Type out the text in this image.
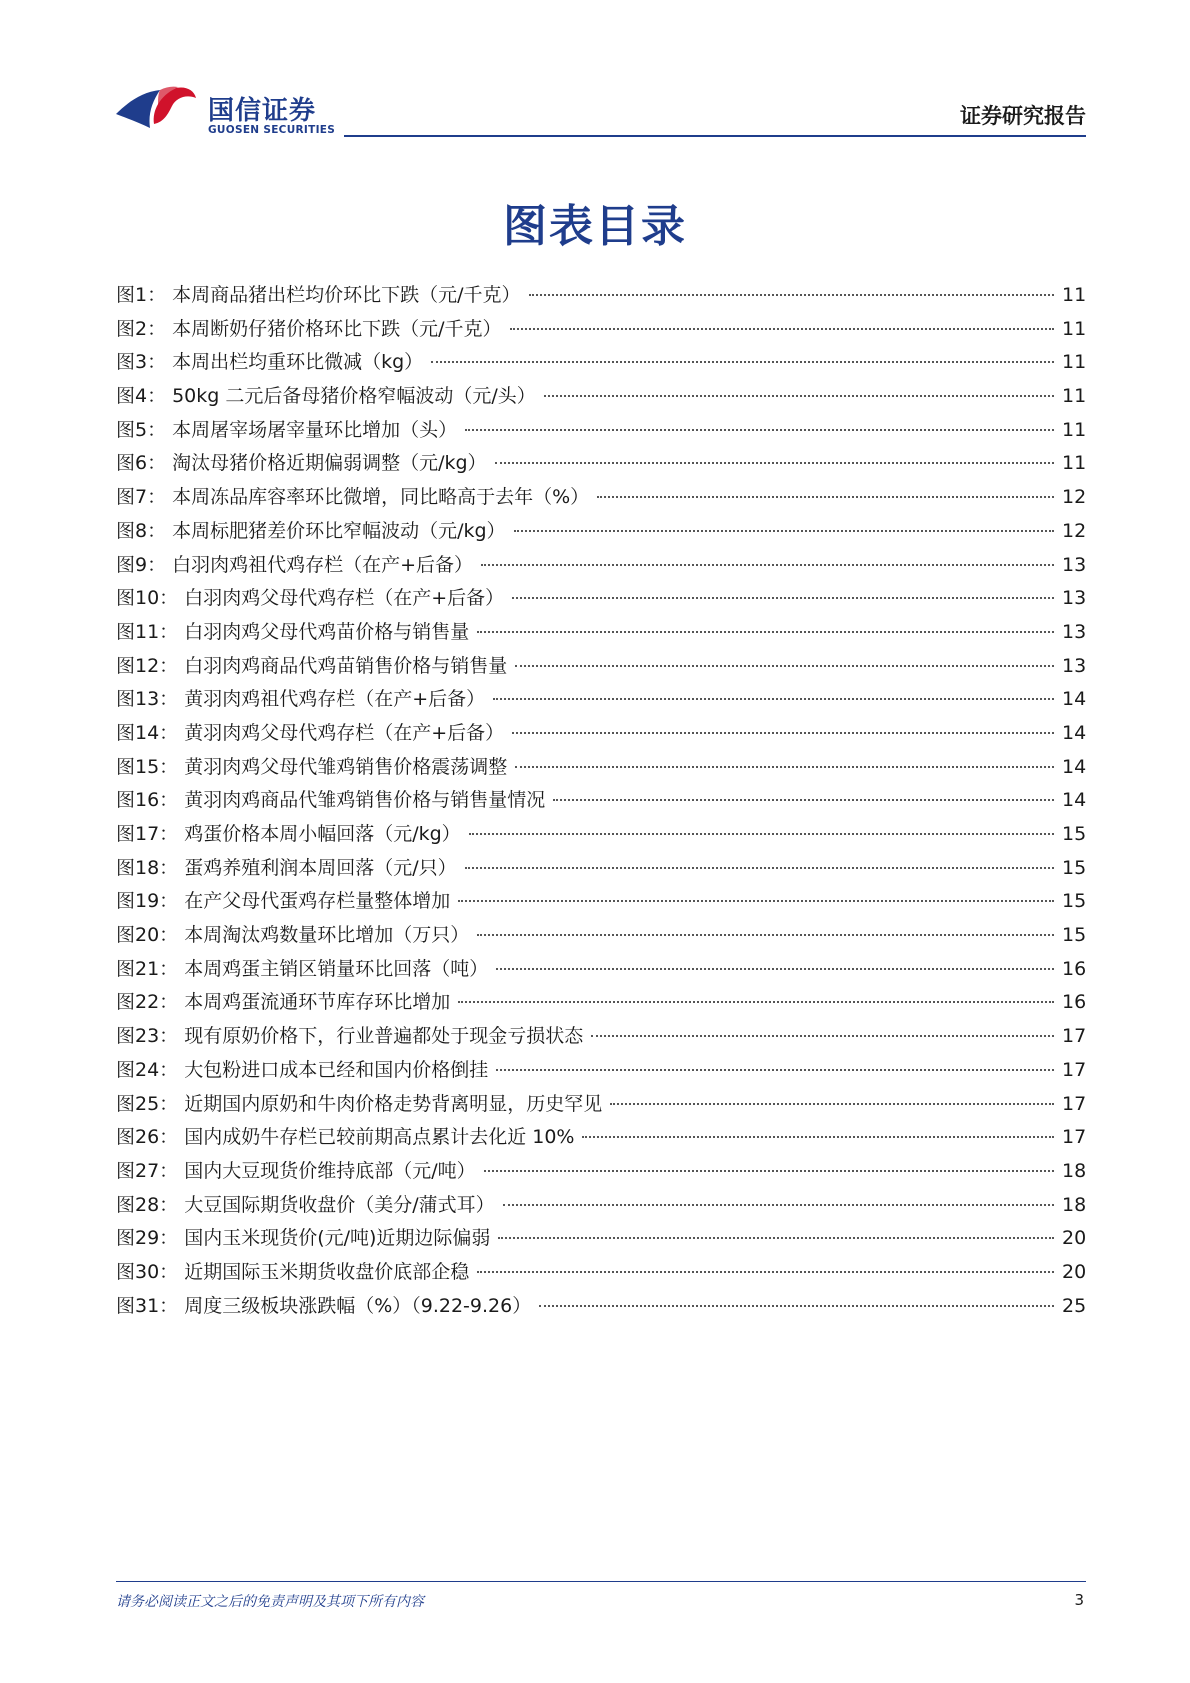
国信证券
GUOSEN SECURITIES
证券研究报告
图表目录
图1： 本周商品猪出栏均价环比下跌（元/千克）	11
图2： 本周断奶仔猪价格环比下跌（元/千克）	11
图3： 本周出栏均重环比微减（kg）	11
图4： 50kg 二元后备母猪价格窄幅波动（元/头）	11
图5： 本周屠宰场屠宰量环比增加（头）	11
图6： 淘汰母猪价格近期偏弱调整（元/kg）	11
图7： 本周冻品库容率环比微增，同比略高于去年（%）	12
图8： 本周标肥猪差价环比窄幅波动（元/kg）	12
图9： 白羽肉鸡祖代鸡存栏（在产+后备）	13
图10： 白羽肉鸡父母代鸡存栏（在产+后备）	13
图11： 白羽肉鸡父母代鸡苗价格与销售量	13
图12： 白羽肉鸡商品代鸡苗销售价格与销售量	13
图13： 黄羽肉鸡祖代鸡存栏（在产+后备）	14
图14： 黄羽肉鸡父母代鸡存栏（在产+后备）	14
图15： 黄羽肉鸡父母代雏鸡销售价格震荡调整	14
图16： 黄羽肉鸡商品代雏鸡销售价格与销售量情况	14
图17： 鸡蛋价格本周小幅回落（元/kg）	15
图18： 蛋鸡养殖利润本周回落（元/只）	15
图19： 在产父母代蛋鸡存栏量整体增加	15
图20： 本周淘汰鸡数量环比增加（万只）	15
图21： 本周鸡蛋主销区销量环比回落（吨）	16
图22： 本周鸡蛋流通环节库存环比增加	16
图23： 现有原奶价格下，行业普遍都处于现金亏损状态	17
图24： 大包粉进口成本已经和国内价格倒挂	17
图25： 近期国内原奶和牛肉价格走势背离明显，历史罕见	17
图26： 国内成奶牛存栏已较前期高点累计去化近 10%	17
图27： 国内大豆现货价维持底部（元/吨）	18
图28： 大豆国际期货收盘价（美分/蒲式耳）	18
图29： 国内玉米现货价(元/吨)近期边际偏弱	20
图30： 近期国际玉米期货收盘价底部企稳	20
图31： 周度三级板块涨跌幅（%）（9.22-9.26）	25
请务必阅读正文之后的免责声明及其项下所有内容	3
